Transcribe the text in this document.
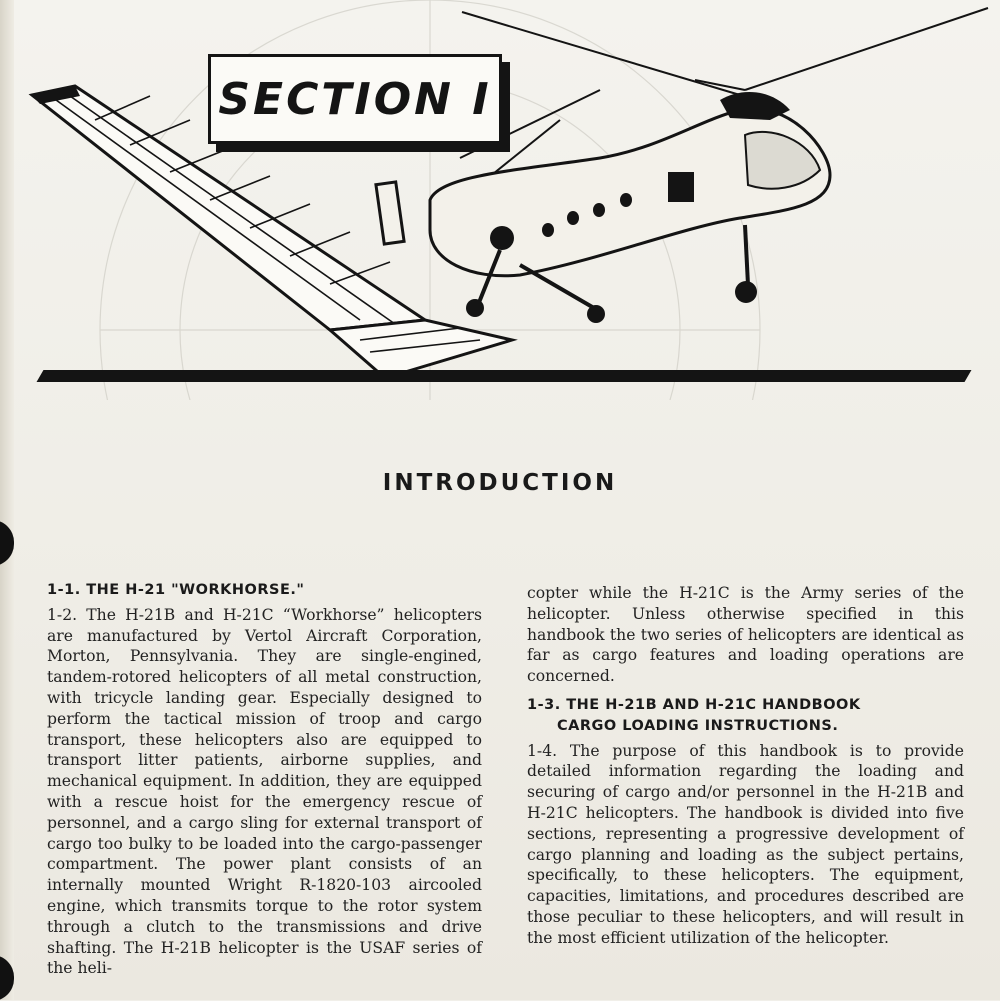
SECTION I
INTRODUCTION
1-1. THE H-21 "WORKHORSE."

1-2. The H-21B and H-21C “Workhorse” helicopters are manufactured by Vertol Aircraft Corporation, Morton, Pennsylvania. They are single-engined, tandem-rotored helicopters of all metal construction, with tricycle landing gear. Especially designed to perform the tactical mission of troop and cargo transport, these helicopters also are equipped to transport litter patients, airborne supplies, and mechanical equipment. In addition, they are equipped with a rescue hoist for the emergency rescue of personnel, and a cargo sling for external transport of cargo too bulky to be loaded into the cargo-passenger compartment. The power plant consists of an internally mounted Wright R-1820-103 aircooled engine, which transmits torque to the rotor system through a clutch to the transmissions and drive shafting. The H-21B helicopter is the USAF series of the heli-

copter while the H-21C is the Army series of the helicopter. Unless otherwise specified in this handbook the two series of helicopters are identical as far as cargo features and loading operations are concerned.

1-3. THE H-21B AND H-21C HANDBOOK
CARGO LOADING INSTRUCTIONS.

1-4. The purpose of this handbook is to provide detailed information regarding the loading and securing of cargo and/or personnel in the H-21B and H-21C helicopters. The handbook is divided into five sections, representing a progressive development of cargo planning and loading as the subject pertains, specifically, to these helicopters. The equipment, capacities, limitations, and procedures described are those peculiar to these helicopters, and will result in the most efficient utilization of the helicopter.
